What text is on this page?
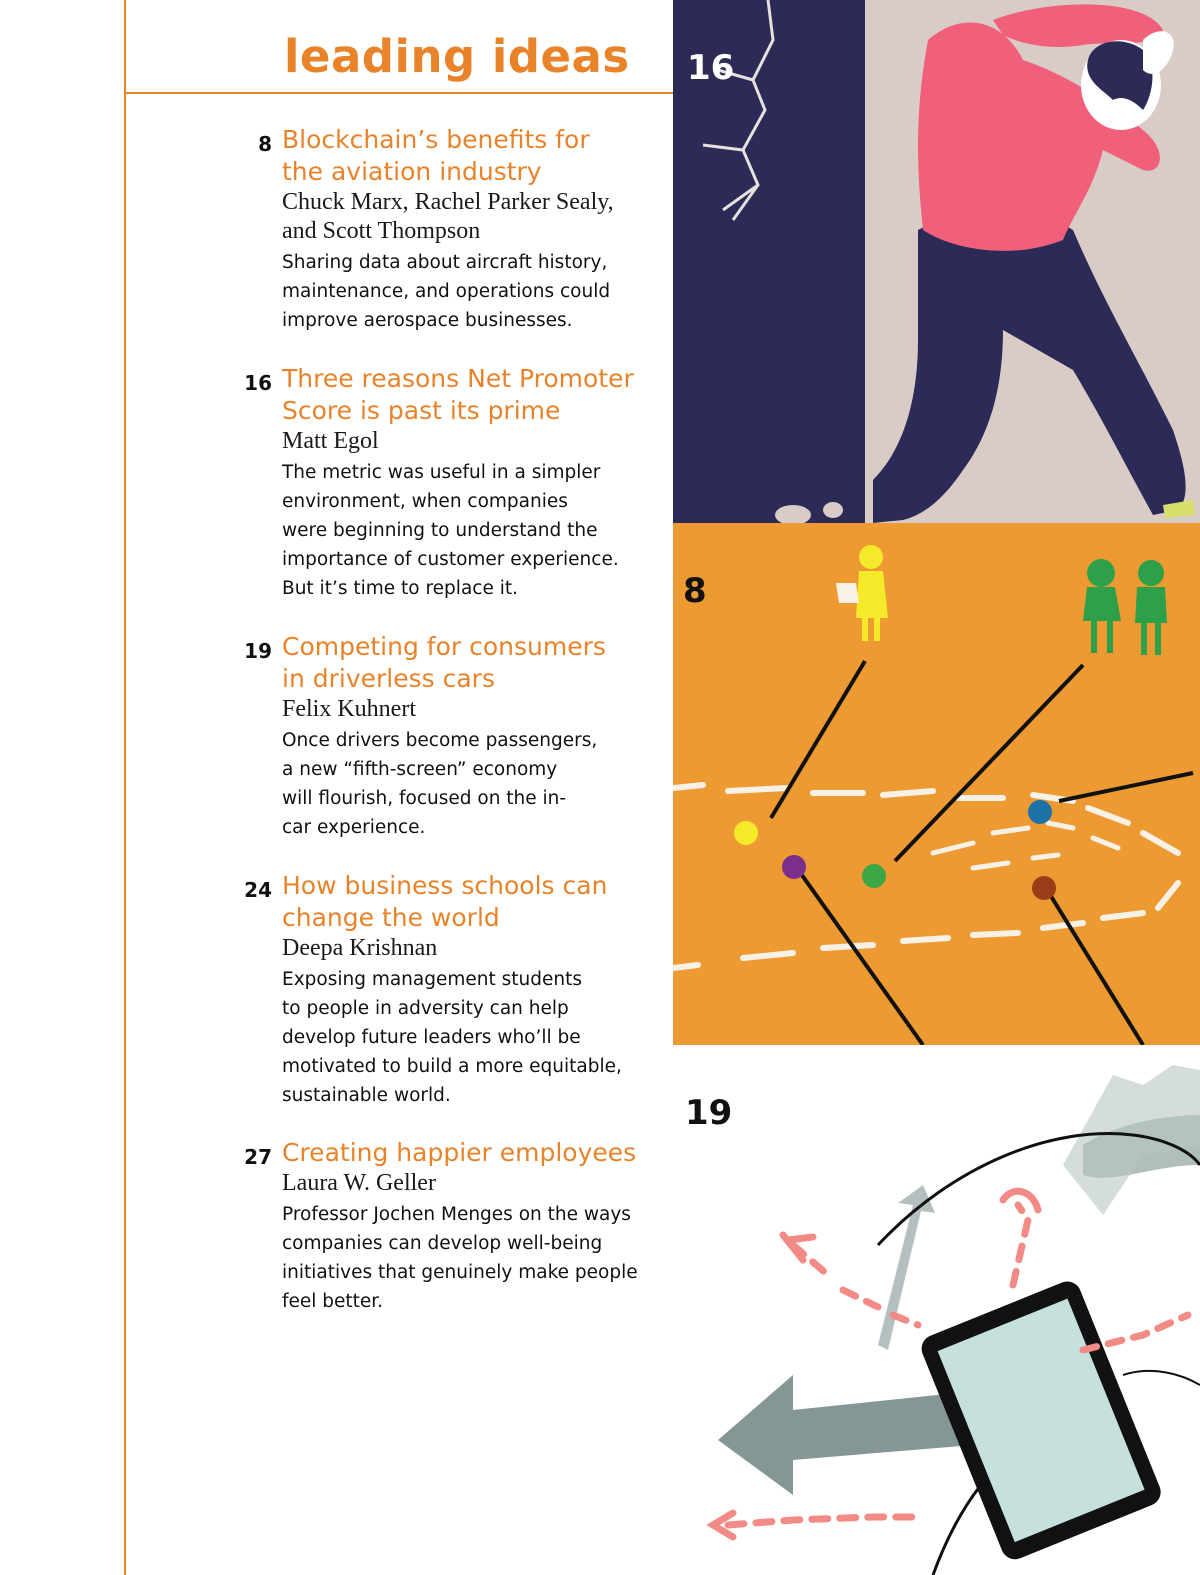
leading ideas
8 Blockchain’s benefits for
the aviation industry
Chuck Marx, Rachel Parker Sealy,
and Scott Thompson
Sharing data about aircraft history,
maintenance, and operations could
improve aerospace businesses.
16 Three reasons Net Promoter
Score is past its prime
Matt Egol
The metric was useful in a simpler
environment, when companies
were beginning to understand the
importance of customer experience.
But it’s time to replace it.
19 Competing for consumers
in driverless cars
Felix Kuhnert
Once drivers become passengers,
a new “fifth-screen” economy
will flourish, focused on the in-
car experience.
24 How business schools can
change the world
Deepa Krishnan
Exposing management students
to people in adversity can help
develop future leaders who’ll be
motivated to build a more equitable,
sustainable world.
27 Creating happier employees
Laura W. Geller
Professor Jochen Menges on the ways
companies can develop well-being
initiatives that genuinely make people
feel better.
16
8
19
